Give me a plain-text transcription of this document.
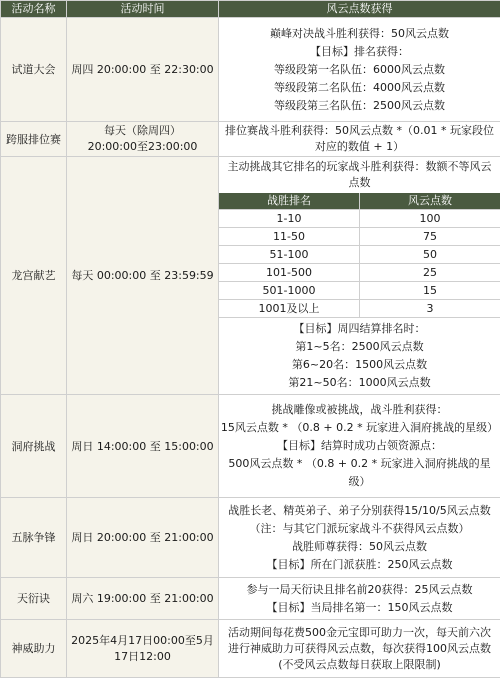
活动名称	活动时间	风云点数获得
试道大会	周四 20:00:00 至 22:30:00	
巅峰对决战斗胜利获得：50风云点数
【目标】排名获得：
等级段第一名队伍：6000风云点数
等级段第二名队伍：4000风云点数
等级段第三名队伍：2500风云点数

跨服排位赛	
每天（除周四）
20:00:00至23:00:00

排位赛战斗胜利获得：50风云点数 *（0.01 * 玩家段位
对应的数值 + 1）

龙宫献艺	每天 00:00:00 至 23:59:59	
主动挑战其它排名的玩家战斗胜利获得：数额不等风云
点数
战胜排名	风云点数
1-10	100
11-50	75
51-100	50
101-500	25
501-1000	15
1001及以上	3
【目标】周四结算排名时：
第1~5名：2500风云点数
第6~20名：1500风云点数
第21~50名：1000风云点数

洞府挑战	周日 14:00:00 至 15:00:00	
挑战雕像或被挑战，战斗胜利获得：
15风云点数 * （0.8 + 0.2 * 玩家进入洞府挑战的星级）
【目标】结算时成功占领资源点：
500风云点数 * （0.8 + 0.2 * 玩家进入洞府挑战的星
级）

五脉争锋	周日 20:00:00 至 21:00:00	
战胜长老、精英弟子、弟子分别获得15/10/5风云点数
（注：与其它门派玩家战斗不获得风云点数）
战胜师尊获得：50风云点数
【目标】所在门派获胜：250风云点数

天衍诀	周六 19:00:00 至 21:00:00	
参与一局天衍诀且排名前20获得：25风云点数
【目标】当局排名第一：150风云点数

神威助力	
2025年4月17日00:00至5月
17日12:00

活动期间每花费500金元宝即可助力一次，每天前六次
进行神威助力可获得风云点数，每次获得100风云点数
(不受风云点数每日获取上限限制)
